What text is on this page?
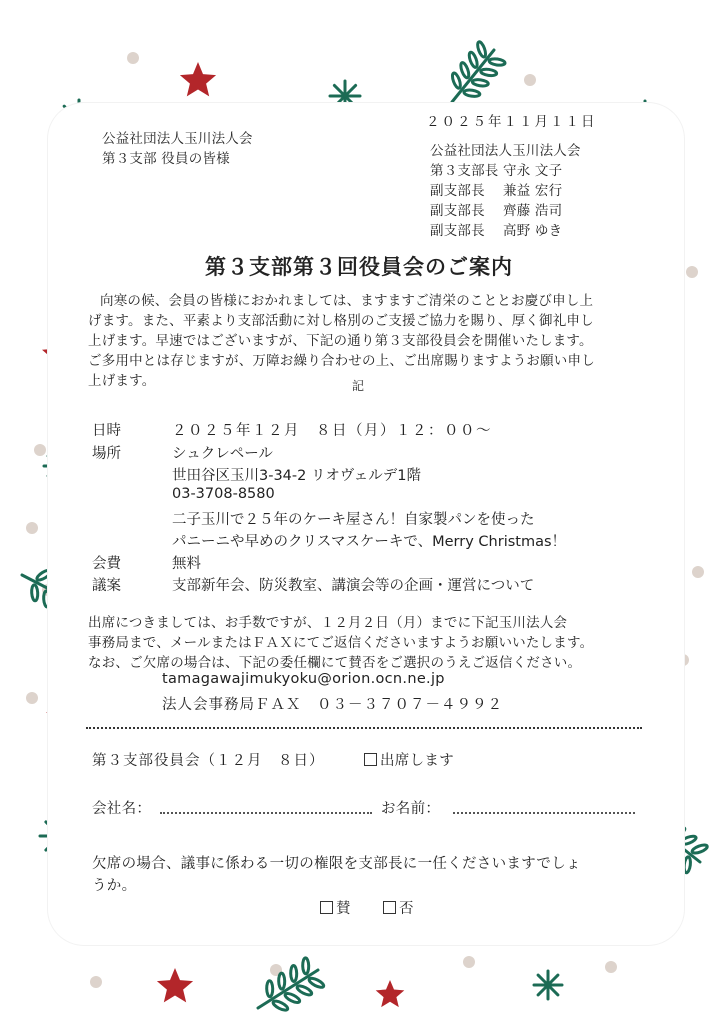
２０２５年１１月１１日
公益社団法人玉川法人会
第３支部 役員の皆様	公益社団法人玉川法人会
第３支部長 守永 文子
副支部長　 兼益 宏行
副支部長　 齊藤 浩司
副支部長　 高野 ゆき
第３支部第３回役員会のご案内
向寒の候、会員の皆様におかれましては、ますますご清栄のこととお慶び申し上
げます。また、平素より支部活動に対し格別のご支援ご協力を賜り、厚く御礼申し
上げます。早速ではございますが、下記の通り第３支部役員会を開催いたします。
ご多用中とは存じますが、万障お繰り合わせの上、ご出席賜りますようお願い申し
上げます。	記
日時	２０２５年１２月　８日（月）１２：００～
場所	シュクレペール
世田谷区玉川3-34-2 リオヴェルデ1階
03-3708-8580
二子玉川で２５年のケーキ屋さん！自家製パンを使った
パニーニや早めのクリスマスケーキで、Merry Christmas！
会費	無料
議案	支部新年会、防災教室、講演会等の企画・運営について
出席につきましては、お手数ですが、１２月２日（月）までに下記玉川法人会
事務局まで、メールまたはＦＡＸにてご返信くださいますようお願いいたします。
なお、ご欠席の場合は、下記の委任欄にて賛否をご選択のうえご返信ください。
tamagawajimukyoku@orion.ocn.ne.jp
法人会事務局ＦＡＸ　０３－３７０７－４９９２
第３支部役員会（１２月　８日）	出席します
会社名：	お名前：
欠席の場合、議事に係わる一切の権限を支部長に一任くださいますでしょ
うか。
賛	否
